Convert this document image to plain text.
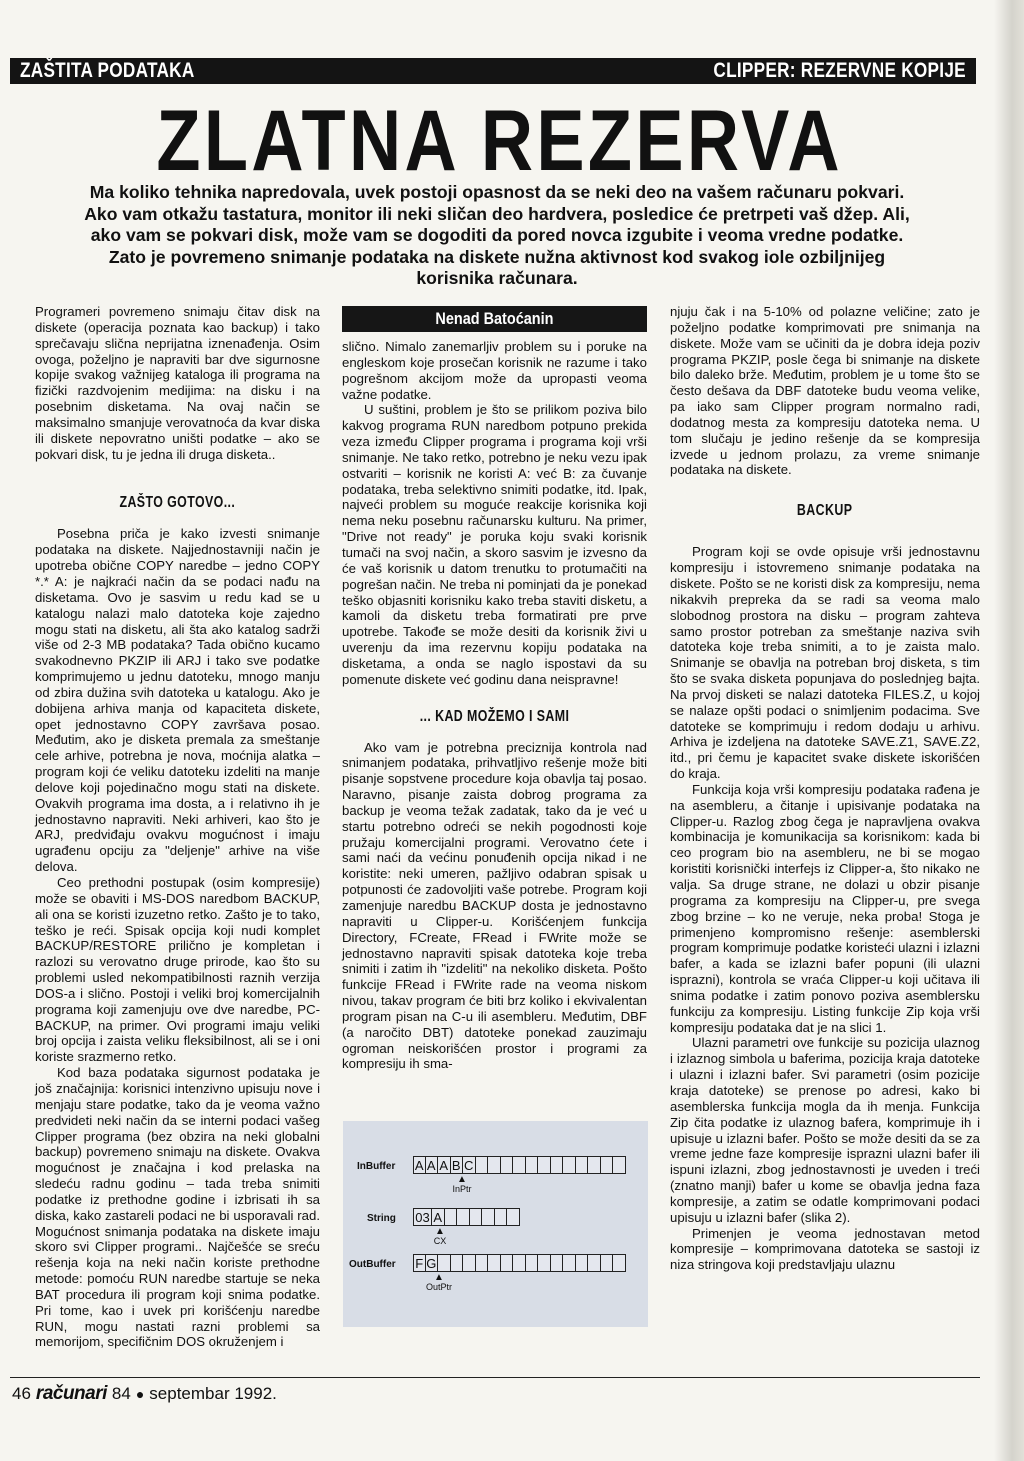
ZAŠTITA PODATAKA	CLIPPER: REZERVNE KOPIJE
ZLATNA REZERVA

Ma koliko tehnika napredovala, uvek postoji opasnost da se neki deo na vašem računaru pokvari.

Ako vam otkažu tastatura, monitor ili neki sličan deo hardvera, posledice će pretrpeti vaš džep. Ali,

ako vam se pokvari disk, može vam se dogoditi da pored novca izgubite i veoma vredne podatke.

Zato je povremeno snimanje podataka na diskete nužna aktivnost kod svakog iole ozbiljnijeg

korisnika računara.

Programeri povremeno snimaju čitav disk na diskete (operacija poznata kao backup) i tako sprečavaju slična neprijatna iznenađenja. Osim ovoga, poželjno je napraviti bar dve sigurnosne kopije svakog važnijeg kataloga ili programa na fizički razdvojenim medijima: na disku i na posebnim disketama. Na ovaj način se maksimalno smanjuje verovatnoća da kvar diska ili diskete nepovratno uništi podatke – ako se pokvari disk, tu je jedna ili druga disketa..

ZAŠTO GOTOVO...

Posebna priča je kako izvesti snimanje podataka na diskete. Najjednostavniji način je upotreba obične COPY naredbe – jedno COPY *.* A: je najkraći način da se podaci nađu na disketama. Ovo je sasvim u redu kad se u katalogu nalazi malo datoteka koje zajedno mogu stati na disketu, ali šta ako katalog sadrži više od 2-3 MB podataka? Tada obično kucamo svakodnevno PKZIP ili ARJ i tako sve podatke komprimujemo u jednu datoteku, mnogo manju od zbira dužina svih datoteka u katalogu. Ako je dobijena arhiva manja od kapaciteta diskete, opet jednostavno COPY završava posao. Međutim, ako je disketa premala za smeštanje cele arhive, potrebna je nova, moćnija alatka – program koji će veliku datoteku izdeliti na manje delove koji pojedinačno mogu stati na diskete. Ovakvih programa ima dosta, a i relativno ih je jednostavno napraviti. Neki arhiveri, kao što je ARJ, predviđaju ovakvu mogućnost i imaju ugrađenu opciju za "deljenje" arhive na više delova.

Ceo prethodni postupak (osim kompresije) može se obaviti i MS-DOS naredbom BACKUP, ali ona se koristi izuzetno retko. Zašto je to tako, teško je reći. Spisak opcija koji nudi komplet BACKUP/RESTORE prilično je kompletan i razlozi su verovatno druge prirode, kao što su problemi usled nekompatibilnosti raznih verzija DOS-a i slično. Postoji i veliki broj komercijalnih programa koji zamenjuju ove dve naredbe, PC-BACKUP, na primer. Ovi programi imaju veliki broj opcija i zaista veliku fleksibilnost, ali se i oni koriste srazmerno retko.

Kod baza podataka sigurnost podataka je još značajnija: korisnici intenzivno upisuju nove i menjaju stare podatke, tako da je veoma važno predvideti neki način da se interni podaci vašeg Clipper programa (bez obzira na neki globalni backup) povremeno snimaju na diskete. Ovakva mogućnost je značajna i kod prelaska na sledeću radnu godinu – tada treba snimiti podatke iz prethodne godine i izbrisati ih sa diska, kako zastareli podaci ne bi usporavali rad. Mogućnost snimanja podataka na diskete imaju skoro svi Clipper programi.. Najčešće se sreću rešenja koja na neki način koriste prethodne metode: pomoću RUN naredbe startuje se neka BAT procedura ili program koji snima podatke. Pri tome, kao i uvek pri korišćenju naredbe RUN, mogu nastati razni problemi sa memorijom, specifičnim DOS okruženjem i

Nenad Batoćanin

slično. Nimalo zanemarljiv problem su i poruke na engleskom koje prosečan korisnik ne razume i tako pogrešnom akcijom može da upropasti veoma važne podatke.

U suštini, problem je što se prilikom poziva bilo kakvog programa RUN naredbom potpuno prekida veza između Clipper programa i programa koji vrši snimanje. Ne tako retko, potrebno je neku vezu ipak ostvariti – korisnik ne koristi A: već B: za čuvanje podataka, treba selektivno snimiti podatke, itd. Ipak, najveći problem su moguće reakcije korisnika koji nema neku posebnu računarsku kulturu. Na primer, "Drive not ready" je poruka koju svaki korisnik tumači na svoj način, a skoro sasvim je izvesno da će vaš korisnik u datom trenutku to protumačiti na pogrešan način. Ne treba ni pominjati da je ponekad teško objasniti korisniku kako treba staviti disketu, a kamoli da disketu treba formatirati pre prve upotrebe. Takođe se može desiti da korisnik živi u uverenju da ima rezervnu kopiju podataka na disketama, a onda se naglo ispostavi da su pomenute diskete već godinu dana neispravne!

... KAD MOŽEMO I SAMI

Ako vam je potrebna preciznija kontrola nad snimanjem podataka, prihvatljivo rešenje može biti pisanje sopstvene procedure koja obavlja taj posao. Naravno, pisanje zaista dobrog programa za backup je veoma težak zadatak, tako da je već u startu potrebno odreći se nekih pogodnosti koje pružaju komercijalni programi. Verovatno ćete i sami naći da većinu ponuđenih opcija nikad i ne koristite: neki umeren, pažljivo odabran spisak u potpunosti će zadovoljiti vaše potrebe. Program koji zamenjuje naredbu BACKUP dosta je jednostavno napraviti u Clipper-u. Korišćenjem funkcija Directory, FCreate, FRead i FWrite može se jednostavno napraviti spisak datoteka koje treba snimiti i zatim ih "izdeliti" na nekoliko disketa. Pošto funkcije FRead i FWrite rade na veoma niskom nivou, takav program će biti brz koliko i ekvivalentan program pisan na C-u ili asembleru. Međutim, DBF (a naročito DBT) datoteke ponekad zauzimaju ogroman neiskorišćen prostor i programi za kompresiju ih sma-

InBuffer A A A B C
▲
InPtr
String 03 A
▲
CX
OutBuffer F G
▲
OutPtr

njuju čak i na 5-10% od polazne veličine; zato je poželjno podatke komprimovati pre snimanja na diskete. Može vam se učiniti da je dobra ideja poziv programa PKZIP, posle čega bi snimanje na diskete bilo daleko brže. Međutim, problem je u tome što se često dešava da DBF datoteke budu veoma velike, pa iako sam Clipper program normalno radi, dodatnog mesta za kompresiju datoteka nema. U tom slučaju je jedino rešenje da se kompresija izvede u jednom prolazu, za vreme snimanje podataka na diskete.

BACKUP

Program koji se ovde opisuje vrši jednostavnu kompresiju i istovremeno snimanje podataka na diskete. Pošto se ne koristi disk za kompresiju, nema nikakvih prepreka da se radi sa veoma malo slobodnog prostora na disku – program zahteva samo prostor potreban za smeštanje naziva svih datoteka koje treba snimiti, a to je zaista malo. Snimanje se obavlja na potreban broj disketa, s tim što se svaka disketa popunjava do poslednjeg bajta. Na prvoj disketi se nalazi datoteka FILES.Z, u kojoj se nalaze opšti podaci o snimljenim podacima. Sve datoteke se komprimuju i redom dodaju u arhivu. Arhiva je izdeljena na datoteke SAVE.Z1, SAVE.Z2, itd., pri čemu je kapacitet svake diskete iskorišćen do kraja.

Funkcija koja vrši kompresiju podataka rađena je na asembleru, a čitanje i upisivanje podataka na Clipper-u. Razlog zbog čega je napravljena ovakva kombinacija je komunikacija sa korisnikom: kada bi ceo program bio na asembleru, ne bi se mogao koristiti korisnički interfejs iz Clipper-a, što nikako ne valja. Sa druge strane, ne dolazi u obzir pisanje programa za kompresiju na Clipper-u, pre svega zbog brzine – ko ne veruje, neka proba! Stoga je primenjeno kompromisno rešenje: asemblerski program komprimuje podatke koristeći ulazni i izlazni bafer, a kada se izlazni bafer popuni (ili ulazni isprazni), kontrola se vraća Clipper-u koji učitava ili snima podatke i zatim ponovo poziva asemblersku funkciju za kompresiju. Listing funkcije Zip koja vrši kompresiju podataka dat je na slici 1.

Ulazni parametri ove funkcije su pozicija ulaznog i izlaznog simbola u baferima, pozicija kraja datoteke i ulazni i izlazni bafer. Svi parametri (osim pozicije kraja datoteke) se prenose po adresi, kako bi asemblerska funkcija mogla da ih menja. Funkcija Zip čita podatke iz ulaznog bafera, komprimuje ih i upisuje u izlazni bafer. Pošto se može desiti da se za vreme jedne faze kompresije isprazni ulazni bafer ili ispuni izlazni, zbog jednostavnosti je uveden i treći (znatno manji) bafer u kome se obavlja jedna faza kompresije, a zatim se odatle komprimovani podaci upisuju u izlazni bafer (slika 2).

Primenjen je veoma jednostavan metod kompresije – komprimovana datoteka se sastoji iz niza stringova koji predstavljaju ulaznu

46 računari 84 ● septembar 1992.
